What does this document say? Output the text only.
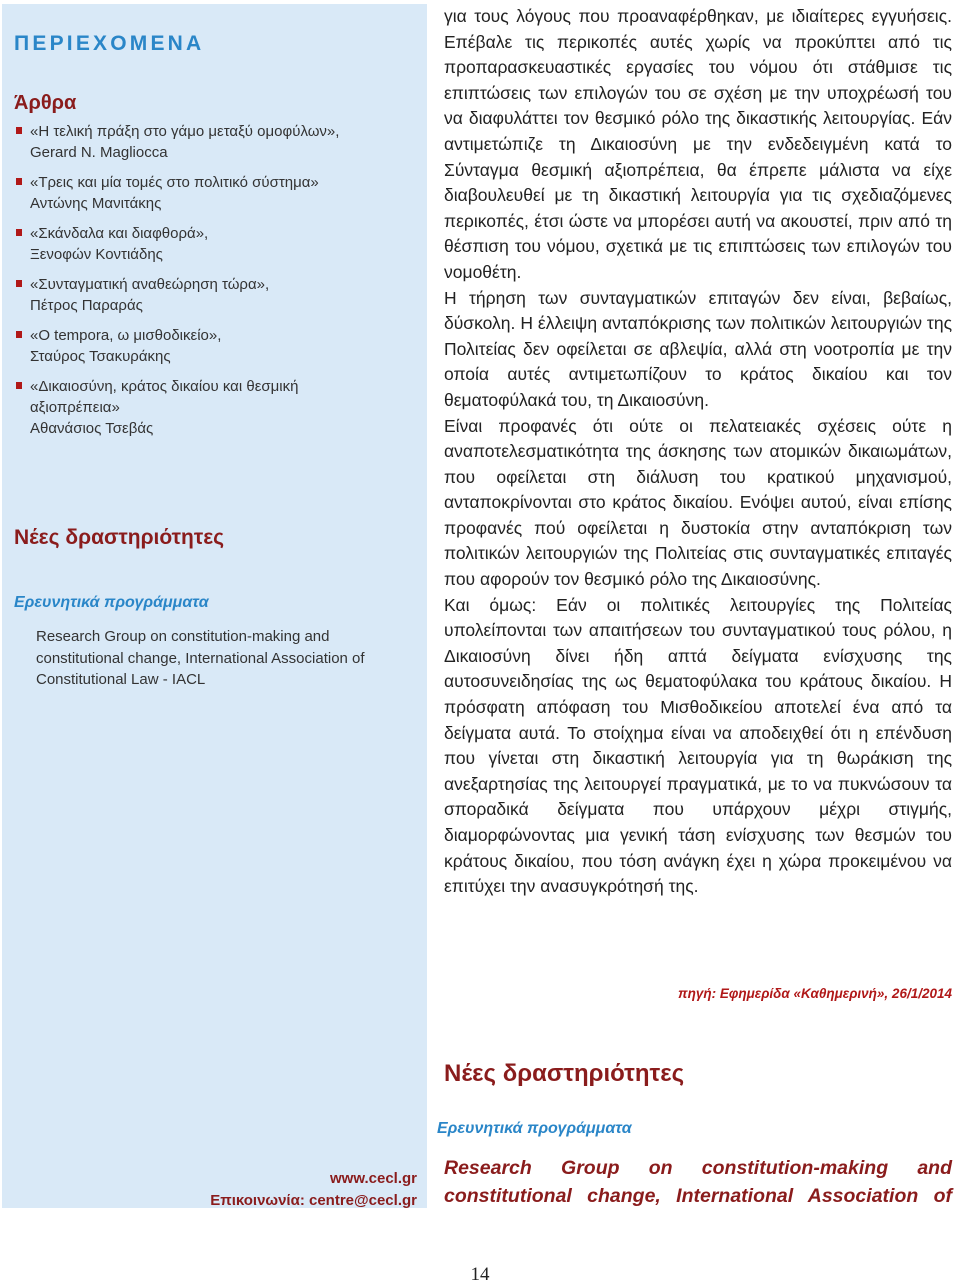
ΠΕΡΙΕΧΟΜΕΝΑ
Άρθρα
«Η τελική πράξη στο γάμο μεταξύ ομοφύλων»,
Gerard N. Magliocca
«Τρεις και μία τομές στο πολιτικό σύστημα»
Αντώνης Μανιτάκης
«Σκάνδαλα και διαφθορά»,
Ξενοφών Κοντιάδης
«Συνταγματική αναθεώρηση τώρα»,
Πέτρος Παραράς
«O tempora, ω μισθοδικείο»,
Σταύρος Τσακυράκης
«Δικαιοσύνη, κράτος δικαίου και θεσμική
αξιοπρέπεια»
Αθανάσιος Τσεβάς
Νέες δραστηριότητες
Ερευνητικά προγράμματα

Research Group on constitution-making and constitutional change, International Association of Constitutional Law - IACL

www.cecl.gr
Επικοινωνία: centre@cecl.gr

για τους λόγους που προαναφέρθηκαν, με ιδιαίτερες εγγυήσεις. Επέβαλε τις περικοπές αυτές χωρίς να προκύπτει από τις προπαρασκευαστικές εργασίες του νόμου ότι στάθμισε τις επιπτώσεις των επιλογών του σε σχέση με την υποχρέωσή του να διαφυλάττει τον θεσμικό ρόλο της δικαστικής λειτουργίας. Εάν αντιμετώπιζε τη Δικαιοσύνη με την ενδεδειγμένη κατά το Σύνταγμα θεσμική αξιοπρέπεια, θα έπρεπε μάλιστα να είχε διαβουλευθεί με τη δικαστική λειτουργία για τις σχεδιαζόμενες περικοπές, έτσι ώστε να μπορέσει αυτή να ακουστεί, πριν από τη θέσπιση του νόμου, σχετικά με τις επιπτώσεις των επιλογών του νομοθέτη.

Η τήρηση των συνταγματικών επιταγών δεν είναι, βεβαίως, δύσκολη. Η έλλειψη ανταπόκρισης των πολιτικών λειτουργιών της Πολιτείας δεν οφείλεται σε αβλεψία, αλλά στη νοοτροπία με την οποία αυτές αντιμετωπίζουν το κράτος δικαίου και τον θεματοφύλακά του, τη Δικαιοσύνη.

Είναι προφανές ότι ούτε οι πελατειακές σχέσεις ούτε η αναποτελεσματικότητα της άσκησης των ατομικών δικαιωμάτων, που οφείλεται στη διάλυση του κρατικού μηχανισμού, ανταποκρίνονται στο κράτος δικαίου. Ενόψει αυτού, είναι επίσης προφανές πού οφείλεται η δυστοκία στην ανταπόκριση των πολιτικών λειτουργιών της Πολιτείας στις συνταγματικές επιταγές που αφορούν τον θεσμικό ρόλο της Δικαιοσύνης.

Και όμως: Εάν οι πολιτικές λειτουργίες της Πολιτείας υπολείπονται των απαιτήσεων του συνταγματικού τους ρόλου, η Δικαιοσύνη δίνει ήδη απτά δείγματα ενίσχυσης της αυτοσυνειδησίας της ως θεματοφύλακα του κράτους δικαίου. Η πρόσφατη απόφαση του Μισθοδικείου αποτελεί ένα από τα δείγματα αυτά. Το στοίχημα είναι να αποδειχθεί ότι η επένδυση που γίνεται στη δικαστική λειτουργία για τη θωράκιση της ανεξαρτησίας της λειτουργεί πραγματικά, με το να πυκνώσουν τα σποραδικά δείγματα που υπάρχουν μέχρι στιγμής, διαμορφώνοντας μια γενική τάση ενίσχυσης των θεσμών του κράτους δικαίου, που τόση ανάγκη έχει η χώρα προκειμένου να επιτύχει την ανασυγκρότησή της.

πηγή: Εφημερίδα «Καθημερινή», 26/1/2014
Νέες δραστηριότητες
Ερευνητικά προγράμματα

Research Group on constitution-making and constitutional change, International Association of

14
